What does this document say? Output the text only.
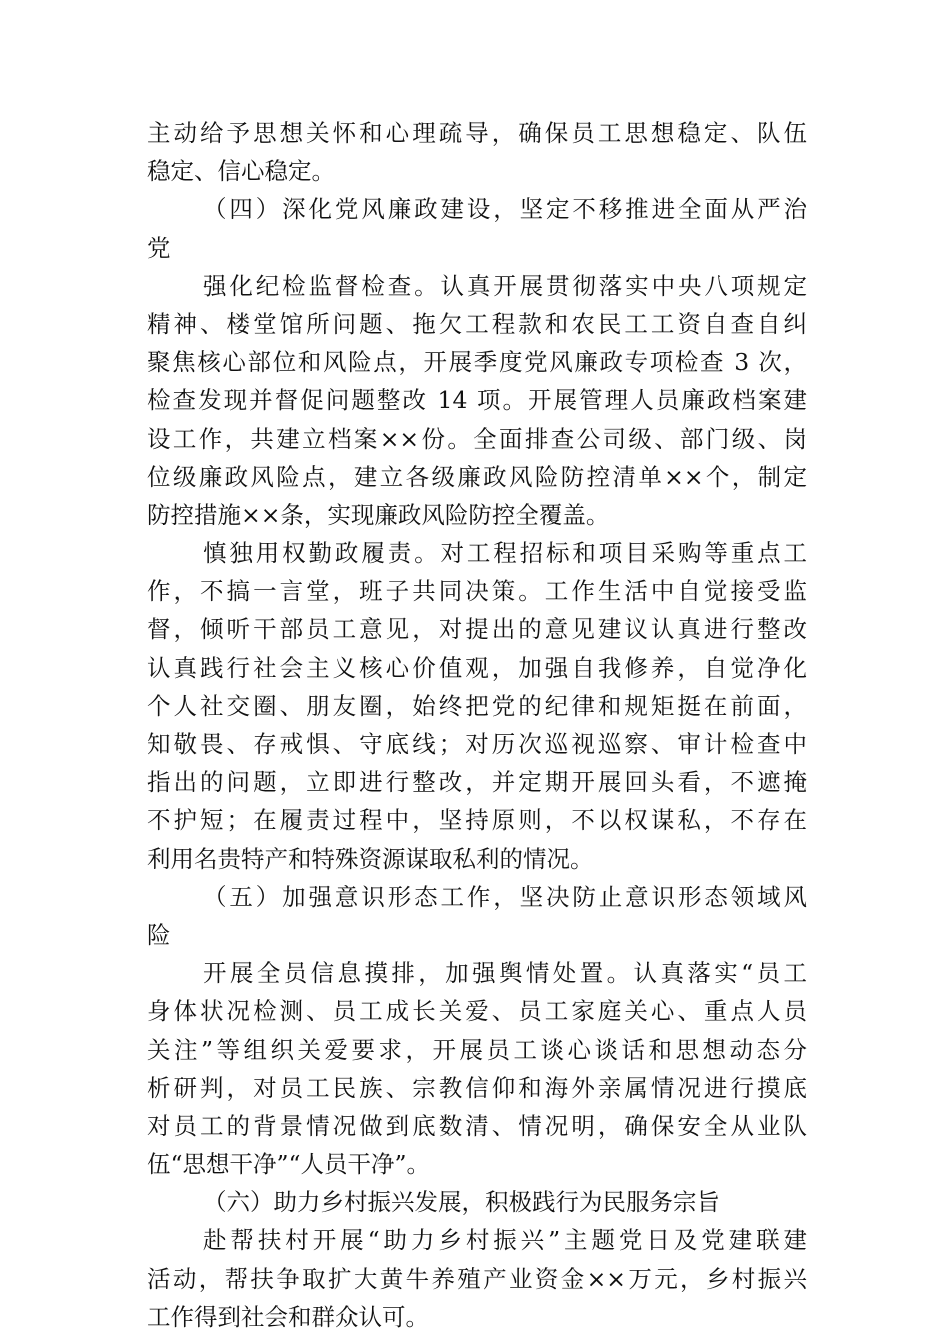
主动给予思想关怀和心理疏导，确保员工思想稳定、队伍
稳定、信心稳定。
（四）深化党风廉政建设，坚定不移推进全面从严治
党
强化纪检监督检查。认真开展贯彻落实中央八项规定
精神、楼堂馆所问题、拖欠工程款和农民工工资自查自纠
聚焦核心部位和风险点，开展季度党风廉政专项检查 3 次，
检查发现并督促问题整改 14 项。开展管理人员廉政档案建
设工作，共建立档案××份。全面排查公司级、部门级、岗
位级廉政风险点，建立各级廉政风险防控清单××个，制定
防控措施××条，实现廉政风险防控全覆盖。
慎独用权勤政履责。对工程招标和项目采购等重点工
作，不搞一言堂，班子共同决策。工作生活中自觉接受监
督，倾听干部员工意见，对提出的意见建议认真进行整改
认真践行社会主义核心价值观，加强自我修养，自觉净化
个人社交圈、朋友圈，始终把党的纪律和规矩挺在前面，
知敬畏、存戒惧、守底线；对历次巡视巡察、审计检查中
指出的问题，立即进行整改，并定期开展回头看，不遮掩
不护短；在履责过程中，坚持原则，不以权谋私，不存在
利用名贵特产和特殊资源谋取私利的情况。
（五）加强意识形态工作，坚决防止意识形态领域风
险
开展全员信息摸排，加强舆情处置。认真落实“员工
身体状况检测、员工成长关爱、员工家庭关心、重点人员
关注”等组织关爱要求，开展员工谈心谈话和思想动态分
析研判，对员工民族、宗教信仰和海外亲属情况进行摸底
对员工的背景情况做到底数清、情况明，确保安全从业队
伍“思想干净”“人员干净”。
（六）助力乡村振兴发展，积极践行为民服务宗旨
赴帮扶村开展“助力乡村振兴”主题党日及党建联建
活动，帮扶争取扩大黄牛养殖产业资金××万元，乡村振兴
工作得到社会和群众认可。
